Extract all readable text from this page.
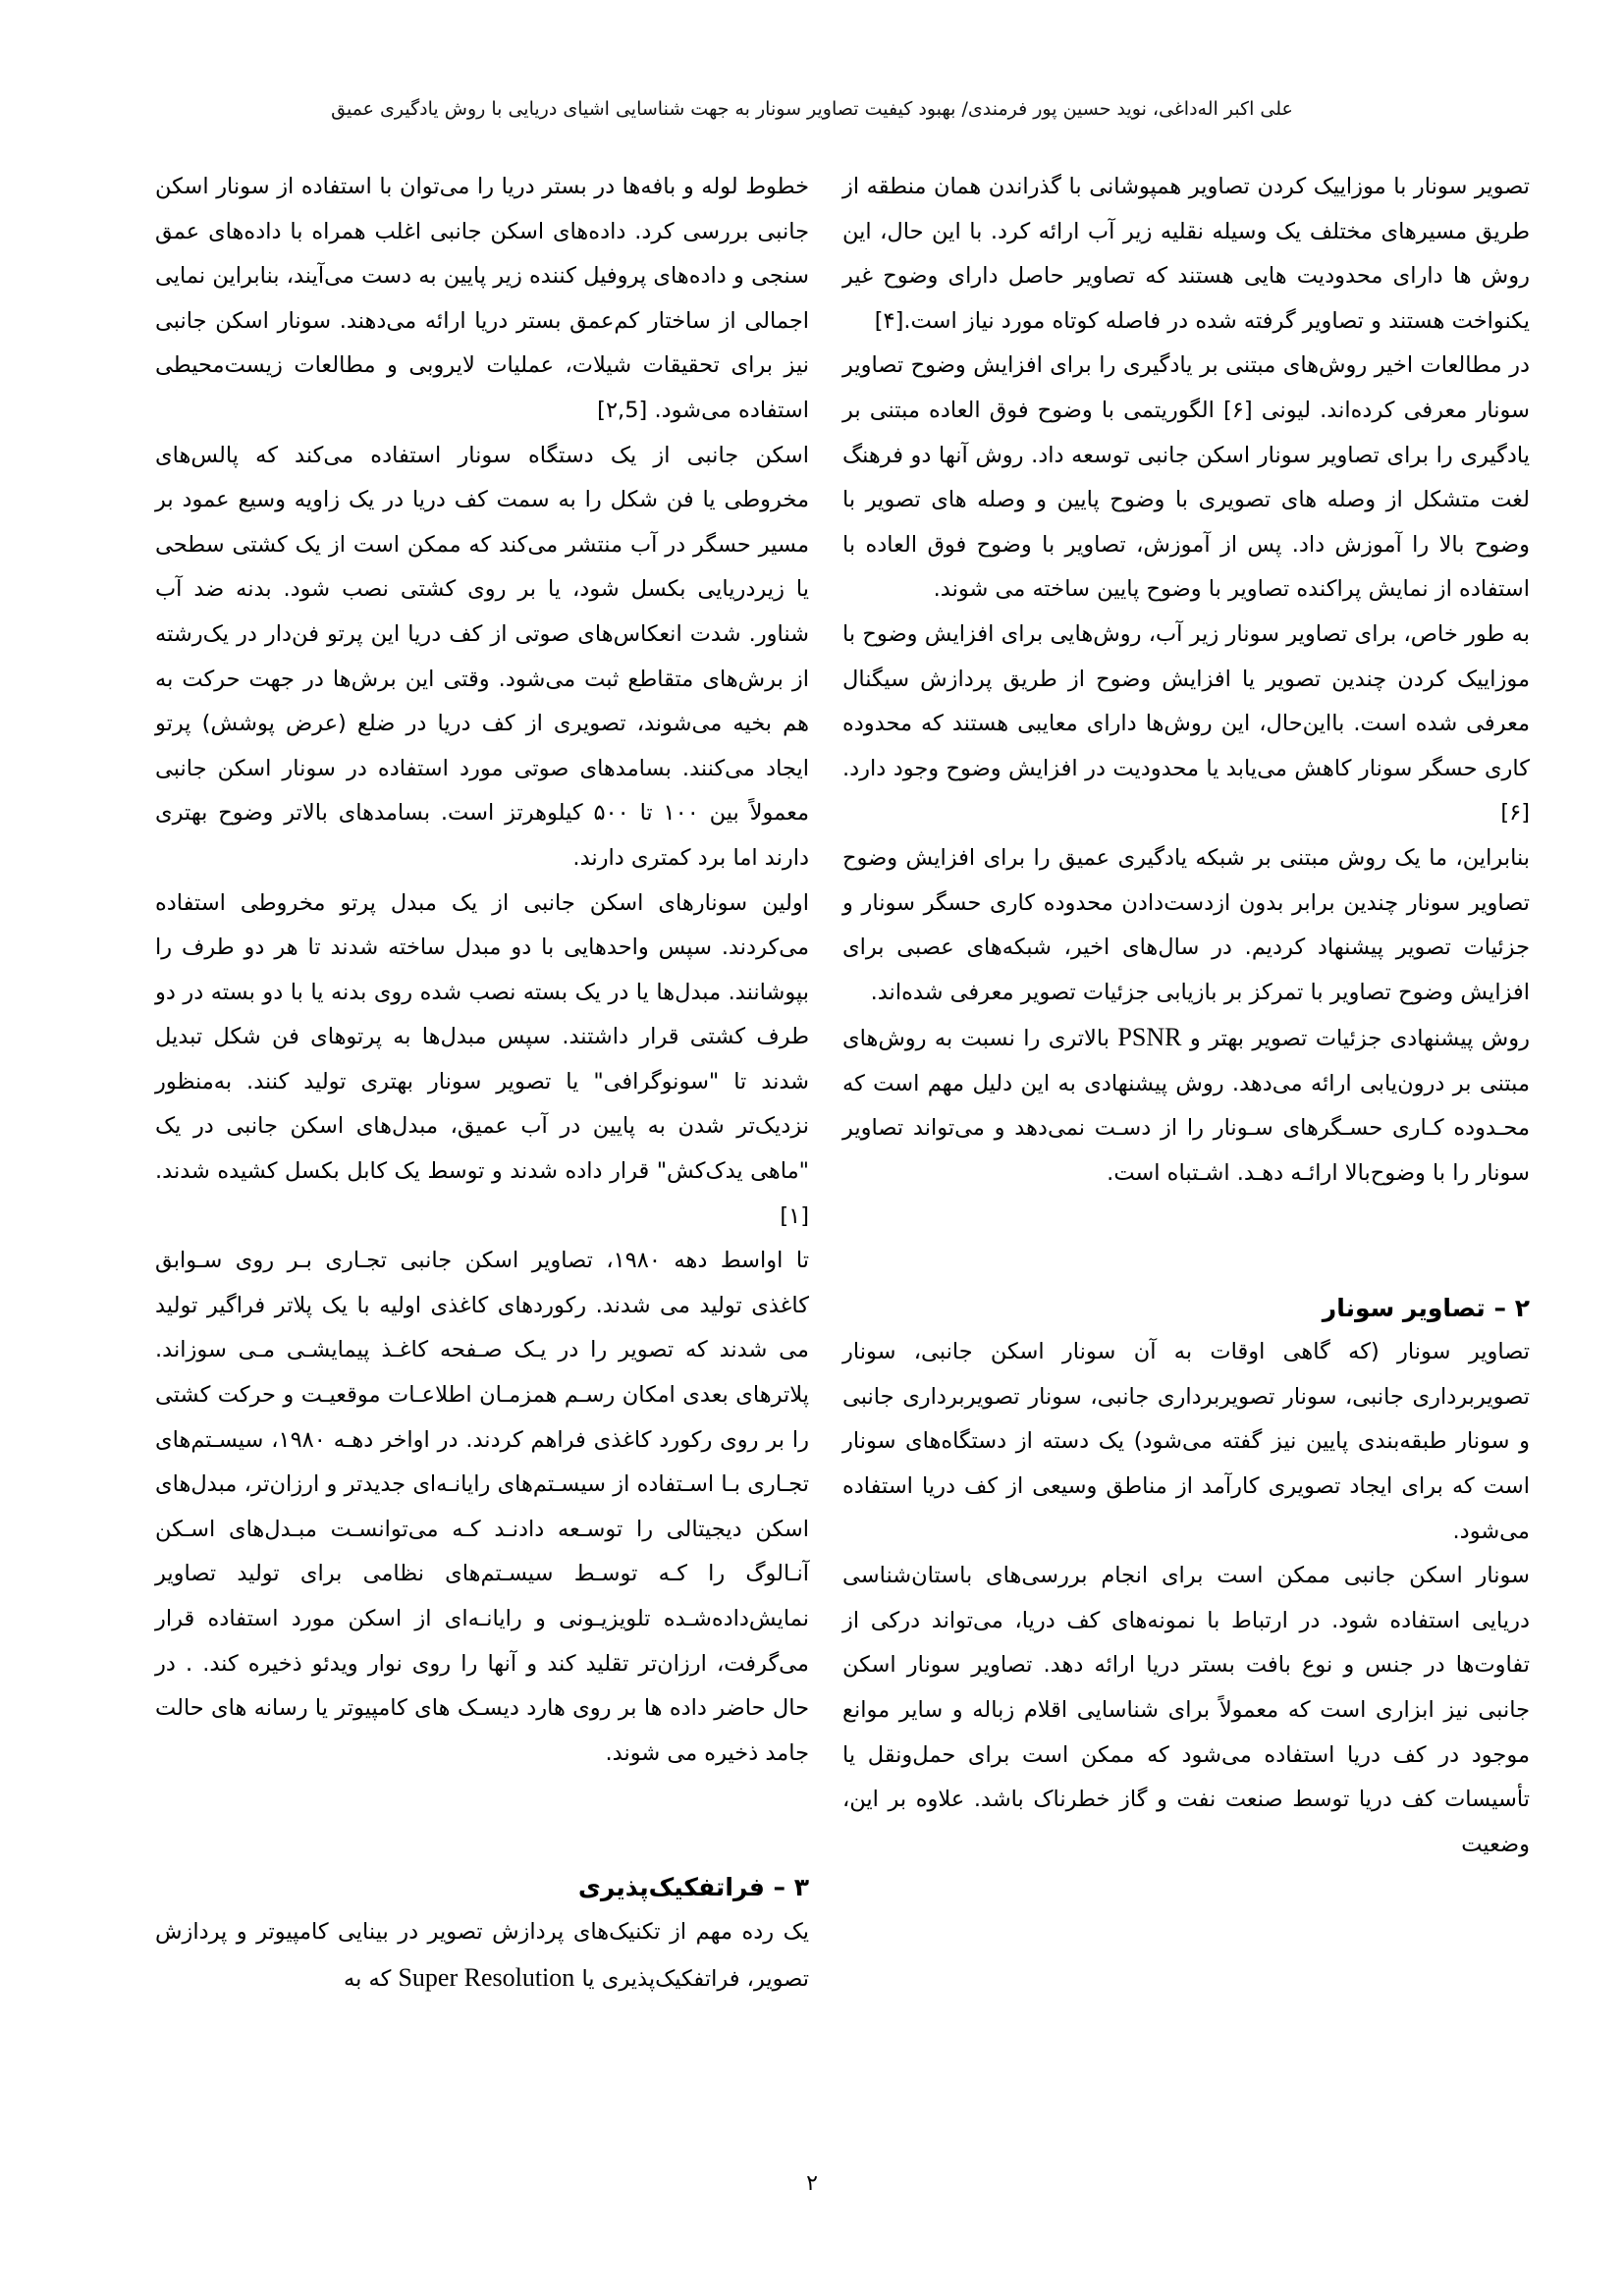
علی اکبر اله‌داغی، نوید حسین پور فرمندی/ بهبود کیفیت تصاویر سونار به جهت شناسایی اشیای دریایی با روش یادگیری عمیق

تصویر سونار با موزاییک کردن تصاویر همپوشانی با گذراندن همان منطقه از طریق مسیرهای مختلف یک وسیله نقلیه زیر آب ارائه کرد. با این حال، این روش ها دارای محدودیت هایی هستند که تصاویر حاصل دارای وضوح غیر یکنواخت هستند و تصاویر گرفته شده در فاصله کوتاه مورد نیاز است.[۴]

در مطالعات اخیر روش‌های مبتنی بر یادگیری را برای افزایش وضوح تصاویر سونار معرفی کرده‌اند. لیونی [۶] الگوریتمی با وضوح فوق العاده مبتنی بر یادگیری را برای تصاویر سونار اسکن جانبی توسعه داد. روش آنها دو فرهنگ لغت متشکل از وصله های تصویری با وضوح پایین و وصله های تصویر با وضوح بالا را آموزش داد. پس از آموزش، تصاویر با وضوح فوق العاده با استفاده از نمایش پراکنده تصاویر با وضوح پایین ساخته می شوند.

به طور خاص، برای تصاویر سونار زیر آب، روش‌هایی برای افزایش وضوح با موزاییک کردن چندین تصویر یا افزایش وضوح از طریق پردازش سیگنال معرفی شده است. بااین‌حال، این روش‌ها دارای معایبی هستند که محدوده کاری حسگر سونار کاهش می‌یابد یا محدودیت در افزایش وضوح وجود دارد. [۶]

بنابراین، ما یک روش مبتنی بر شبکه یادگیری عمیق را برای افزایش وضوح تصاویر سونار چندین برابر بدون ازدست‌دادن محدوده کاری حسگر سونار و جزئیات تصویر پیشنهاد کردیم. در سال‌های اخیر، شبکه‌های عصبی برای افزایش وضوح تصاویر با تمرکز بر بازیابی جزئیات تصویر معرفی شده‌اند.

روش پیشنهادی جزئیات تصویر بهتر و PSNR بالاتری را نسبت به روش‌های مبتنی بر درون‌یابی ارائه می‌دهد. روش پیشنهادی به این دلیل مهم است که محـدوده کـاری حسـگرهای سـونار را از دسـت نمی‌دهد و می‌تواند تصاویر سونار را با وضوح‌بالا ارائـه دهـد. اشـتباه است.

۲ – تصاویر سونار

تصاویر سونار (که گاهی اوقات به آن سونار اسکن جانبی، سونار تصویربرداری جانبی، سونار تصویربرداری جانبی، سونار تصویربرداری جانبی و سونار طبقه‌بندی پایین نیز گفته می‌شود) یک دسته از دستگاه‌های سونار است که برای ایجاد تصویری کارآمد از مناطق وسیعی از کف دریا استفاده می‌شود.

سونار اسکن جانبی ممکن است برای انجام بررسی‌های باستان‌شناسی دریایی استفاده شود. در ارتباط با نمونه‌های کف دریا، می‌تواند درکی از تفاوت‌ها در جنس و نوع بافت بستر دریا ارائه دهد. تصاویر سونار اسکن جانبی نیز ابزاری است که معمولاً برای شناسایی اقلام زباله و سایر موانع موجود در کف دریا استفاده می‌شود که ممکن است برای حمل‌ونقل یا تأسیسات کف دریا توسط صنعت نفت و گاز خطرناک باشد. علاوه بر این، وضعیت

خطوط لوله و بافه‌ها در بستر دریا را می‌توان با استفاده از سونار اسکن جانبی بررسی کرد. داده‌های اسکن جانبی اغلب همراه با داده‌های عمق سنجی و داده‌های پروفیل کننده زیر پایین به دست می‌آیند، بنابراین نمایی اجمالی از ساختار کم‌عمق بستر دریا ارائه می‌دهند. سونار اسکن جانبی نیز برای تحقیقات شیلات، عملیات لایروبی و مطالعات زیست‌محیطی استفاده می‌شود. [۲,5]

اسکن جانبی از یک دستگاه سونار استفاده می‌کند که پالس‌های مخروطی یا فن شکل را به سمت کف دریا در یک زاویه وسیع عمود بر مسیر حسگر در آب منتشر می‌کند که ممکن است از یک کشتی سطحی یا زیردریایی بکسل شود، یا بر روی کشتی نصب شود. بدنه ضد آب شناور. شدت انعکاس‌های صوتی از کف دریا این پرتو فن‌دار در یک‌رشته از برش‌های متقاطع ثبت می‌شود. وقتی این برش‌ها در جهت حرکت به هم بخیه می‌شوند، تصویری از کف دریا در ضلع (عرض پوشش) پرتو ایجاد می‌کنند. بسامدهای صوتی مورد استفاده در سونار اسکن جانبی معمولاً بین ۱۰۰ تا ۵۰۰ کیلوهرتز است. بسامدهای بالاتر وضوح بهتری دارند اما برد کمتری دارند.

اولین سونارهای اسکن جانبی از یک مبدل پرتو مخروطی استفاده می‌کردند. سپس واحدهایی با دو مبدل ساخته شدند تا هر دو طرف را بپوشانند. مبدل‌ها یا در یک بسته نصب شده روی بدنه یا با دو بسته در دو طرف کشتی قرار داشتند. سپس مبدل‌ها به پرتوهای فن شکل تبدیل شدند تا "سونوگرافی" یا تصویر سونار بهتری تولید کنند. به‌منظور نزدیک‌تر شدن به پایین در آب عمیق، مبدل‌های اسکن جانبی در یک "ماهی یدک‌کش" قرار داده شدند و توسط یک کابل بکسل کشیده شدند.[۱]

تا اواسط دهه ۱۹۸۰، تصاویر اسکن جانبی تجـاری بـر روی سـوابق کاغذی تولید می شدند. رکوردهای کاغذی اولیه با یک پلاتر فراگیر تولید می شدند که تصویر را در یـک صـفحه کاغـذ پیمایشـی مـی سوزاند. پلاترهای بعدی امکان رسـم همزمـان اطلاعـات موقعیـت و حرکت کشتی را بر روی رکورد کاغذی فراهم کردند. در اواخر دهـه ۱۹۸۰، سیسـتم‌های تجـاری بـا اسـتفاده از سیسـتم‌های رایانـه‌ای جدیدتر و ارزان‌تر، مبدل‌های اسکن دیجیتالی را توسـعه دادنـد کـه می‌توانسـت مبـدل‌های اسـکن آنـالوگ را کـه توسـط سیسـتم‌های نظامی برای تولید تصاویر نمایش‌داده‌شـده تلویزیـونی و رایانـه‌ای از اسکن مورد استفاده قرار می‌گرفت، ارزان‌تر تقلید کند و آنها را روی نوار ویدئو ذخیره کند. . در حال حاضر داده ها بر روی هارد دیسـک های کامپیوتر یا رسانه های حالت جامد ذخیره می شوند.

۳ – فراتفکیک‌پذیری

یک رده مهم از تکنیک‌های پردازش تصویر در بینایی کامپیوتر و پردازش تصویر، فراتفکیک‌پذیری یا Super Resolution که به

۲
